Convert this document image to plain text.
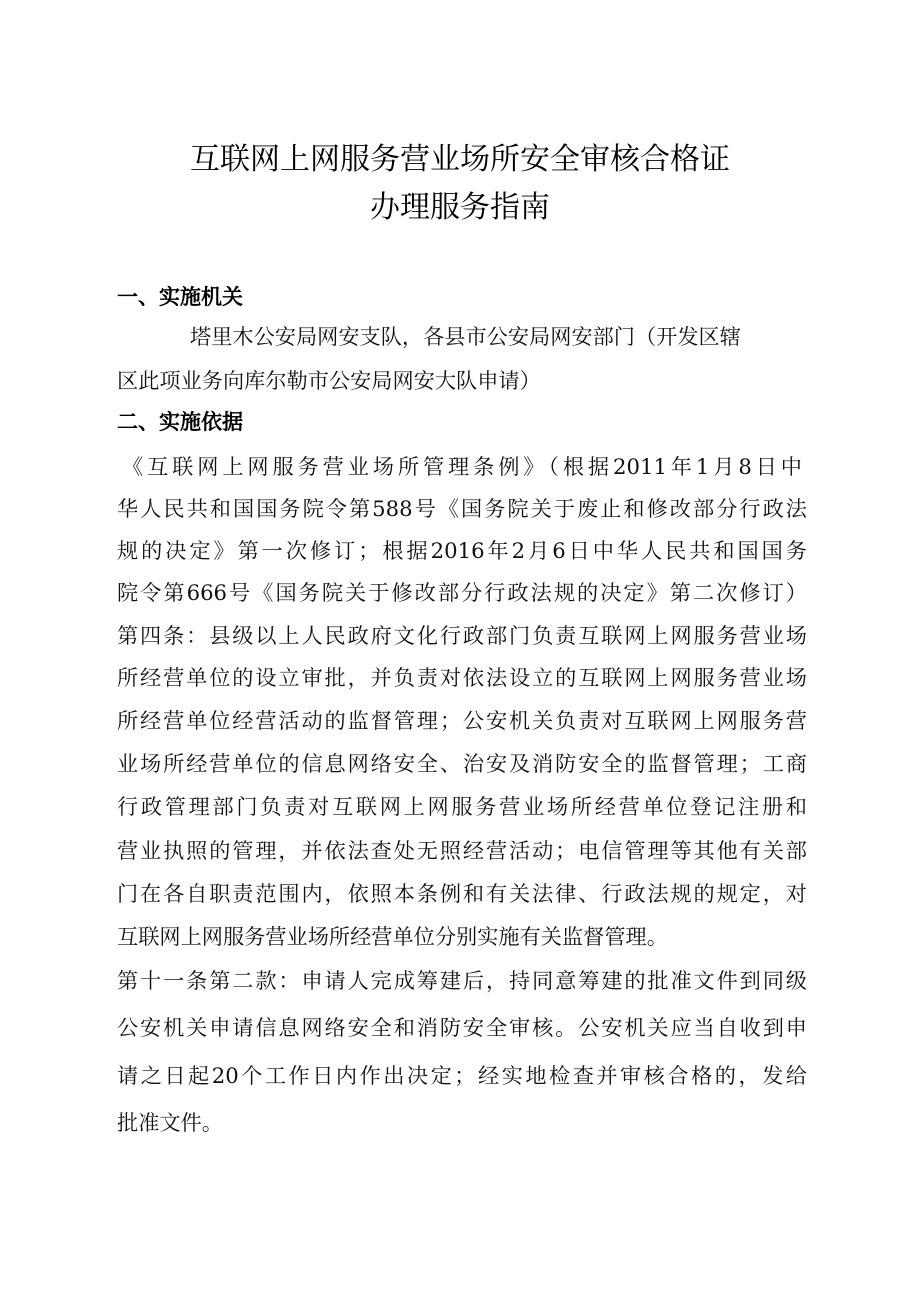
互联网上网服务营业场所安全审核合格证
办理服务指南
一、实施机关
塔里木公安局网安支队，各县市公安局网安部门（开发区辖
区此项业务向库尔勒市公安局网安大队申请）
二、实施依据
《互联网上网服务营业场所管理条例》（根据2011年1月8日中
华人民共和国国务院令第588号《国务院关于废止和修改部分行政法
规的决定》第一次修订；根据2016年2月6日中华人民共和国国务
院令第666号《国务院关于修改部分行政法规的决定》第二次修订）
第四条：县级以上人民政府文化行政部门负责互联网上网服务营业场
所经营单位的设立审批，并负责对依法设立的互联网上网服务营业场
所经营单位经营活动的监督管理；公安机关负责对互联网上网服务营
业场所经营单位的信息网络安全、治安及消防安全的监督管理；工商
行政管理部门负责对互联网上网服务营业场所经营单位登记注册和
营业执照的管理，并依法查处无照经营活动；电信管理等其他有关部
门在各自职责范围内，依照本条例和有关法律、行政法规的规定，对
互联网上网服务营业场所经营单位分别实施有关监督管理。
第十一条第二款：申请人完成筹建后，持同意筹建的批准文件到同级
公安机关申请信息网络安全和消防安全审核。公安机关应当自收到申
请之日起20个工作日内作出决定；经实地检查并审核合格的，发给
批准文件。
